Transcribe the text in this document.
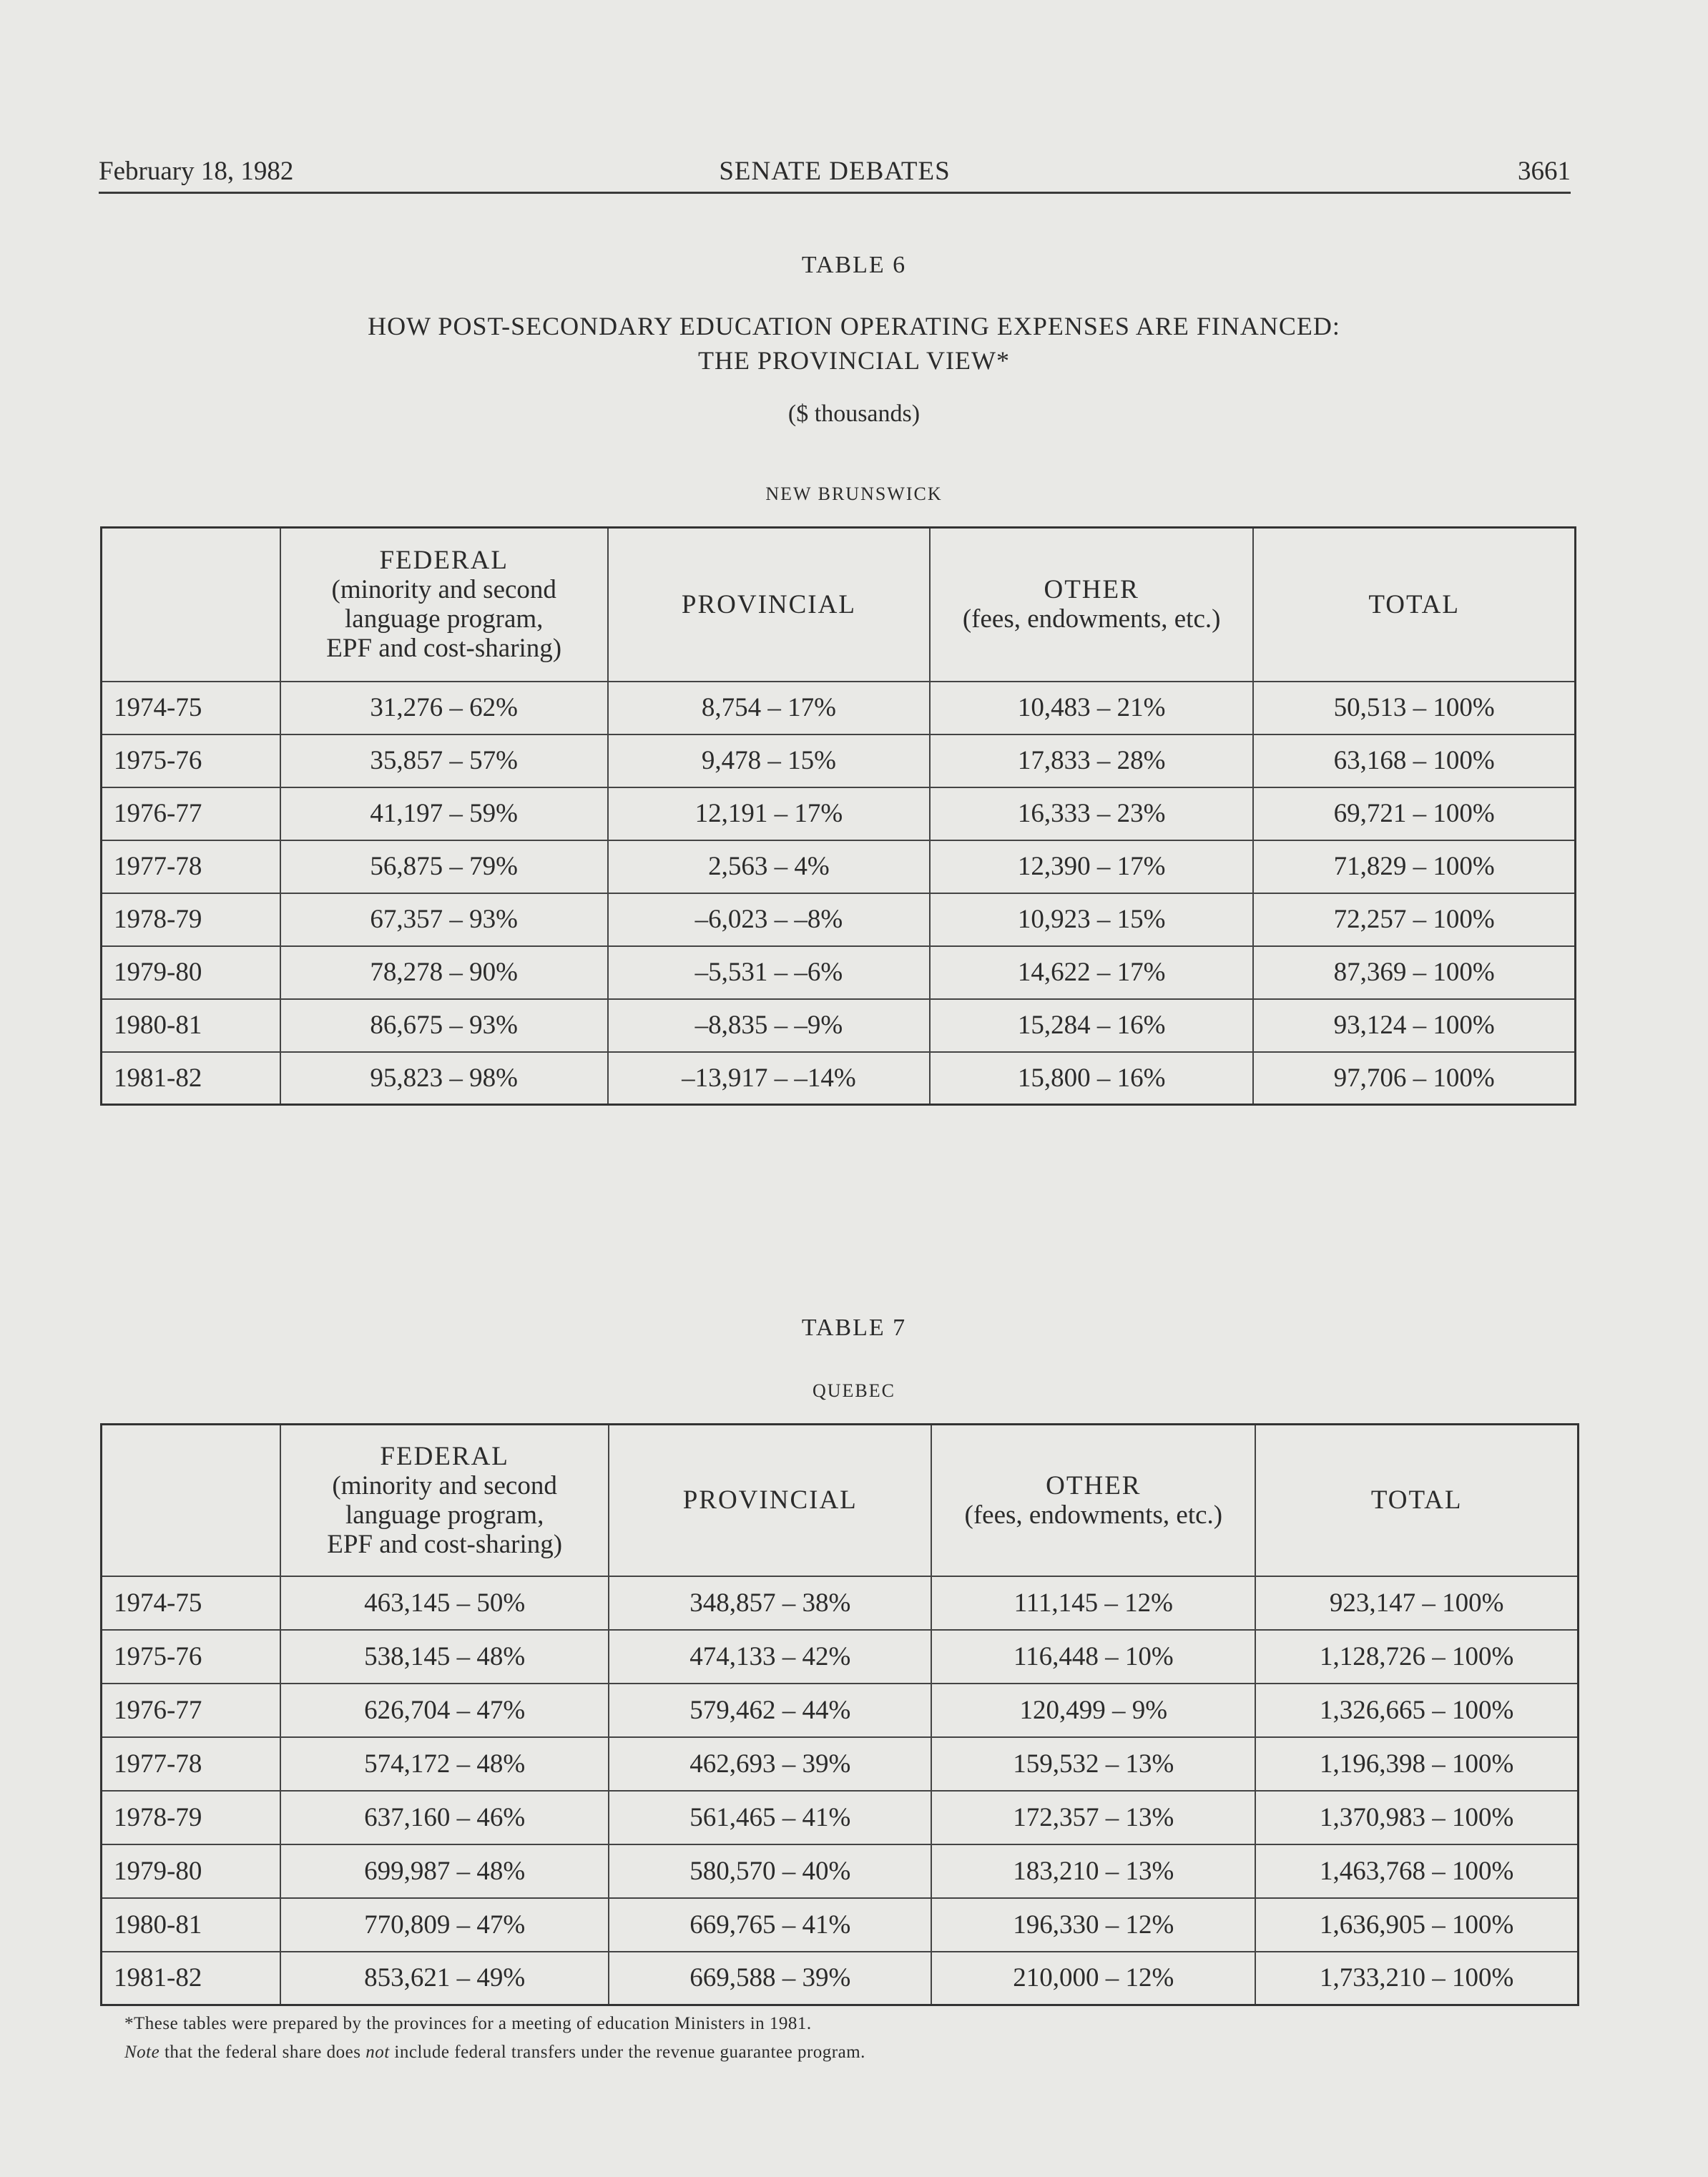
February 18, 1982	SENATE DEBATES	3661
TABLE 6
HOW POST-SECONDARY EDUCATION OPERATING EXPENSES ARE FINANCED:
THE PROVINCIAL VIEW*
($ thousands)
NEW BRUNSWICK

	FEDERAL
(minority and second
language program,
EPF and cost-sharing)	PROVINCIAL	OTHER
(fees, endowments, etc.)	TOTAL

1974-75	31,276 – 62%	8,754 – 17%	10,483 – 21%	50,513 – 100%
1975-76	35,857 – 57%	9,478 – 15%	17,833 – 28%	63,168 – 100%
1976-77	41,197 – 59%	12,191 – 17%	16,333 – 23%	69,721 – 100%
1977-78	56,875 – 79%	2,563 – 4%	12,390 – 17%	71,829 – 100%
1978-79	67,357 – 93%	–6,023 – –8%	10,923 – 15%	72,257 – 100%
1979-80	78,278 – 90%	–5,531 – –6%	14,622 – 17%	87,369 – 100%
1980-81	86,675 – 93%	–8,835 – –9%	15,284 – 16%	93,124 – 100%
1981-82	95,823 – 98%	–13,917 – –14%	15,800 – 16%	97,706 – 100%
TABLE 7
QUEBEC

	FEDERAL
(minority and second
language program,
EPF and cost-sharing)	PROVINCIAL	OTHER
(fees, endowments, etc.)	TOTAL

1974-75	463,145 – 50%	348,857 – 38%	111,145 – 12%	923,147 – 100%
1975-76	538,145 – 48%	474,133 – 42%	116,448 – 10%	1,128,726 – 100%
1976-77	626,704 – 47%	579,462 – 44%	120,499 – 9%	1,326,665 – 100%
1977-78	574,172 – 48%	462,693 – 39%	159,532 – 13%	1,196,398 – 100%
1978-79	637,160 – 46%	561,465 – 41%	172,357 – 13%	1,370,983 – 100%
1979-80	699,987 – 48%	580,570 – 40%	183,210 – 13%	1,463,768 – 100%
1980-81	770,809 – 47%	669,765 – 41%	196,330 – 12%	1,636,905 – 100%
1981-82	853,621 – 49%	669,588 – 39%	210,000 – 12%	1,733,210 – 100%
*These tables were prepared by the provinces for a meeting of education Ministers in 1981.
Note that the federal share does not include federal transfers under the revenue guarantee program.
